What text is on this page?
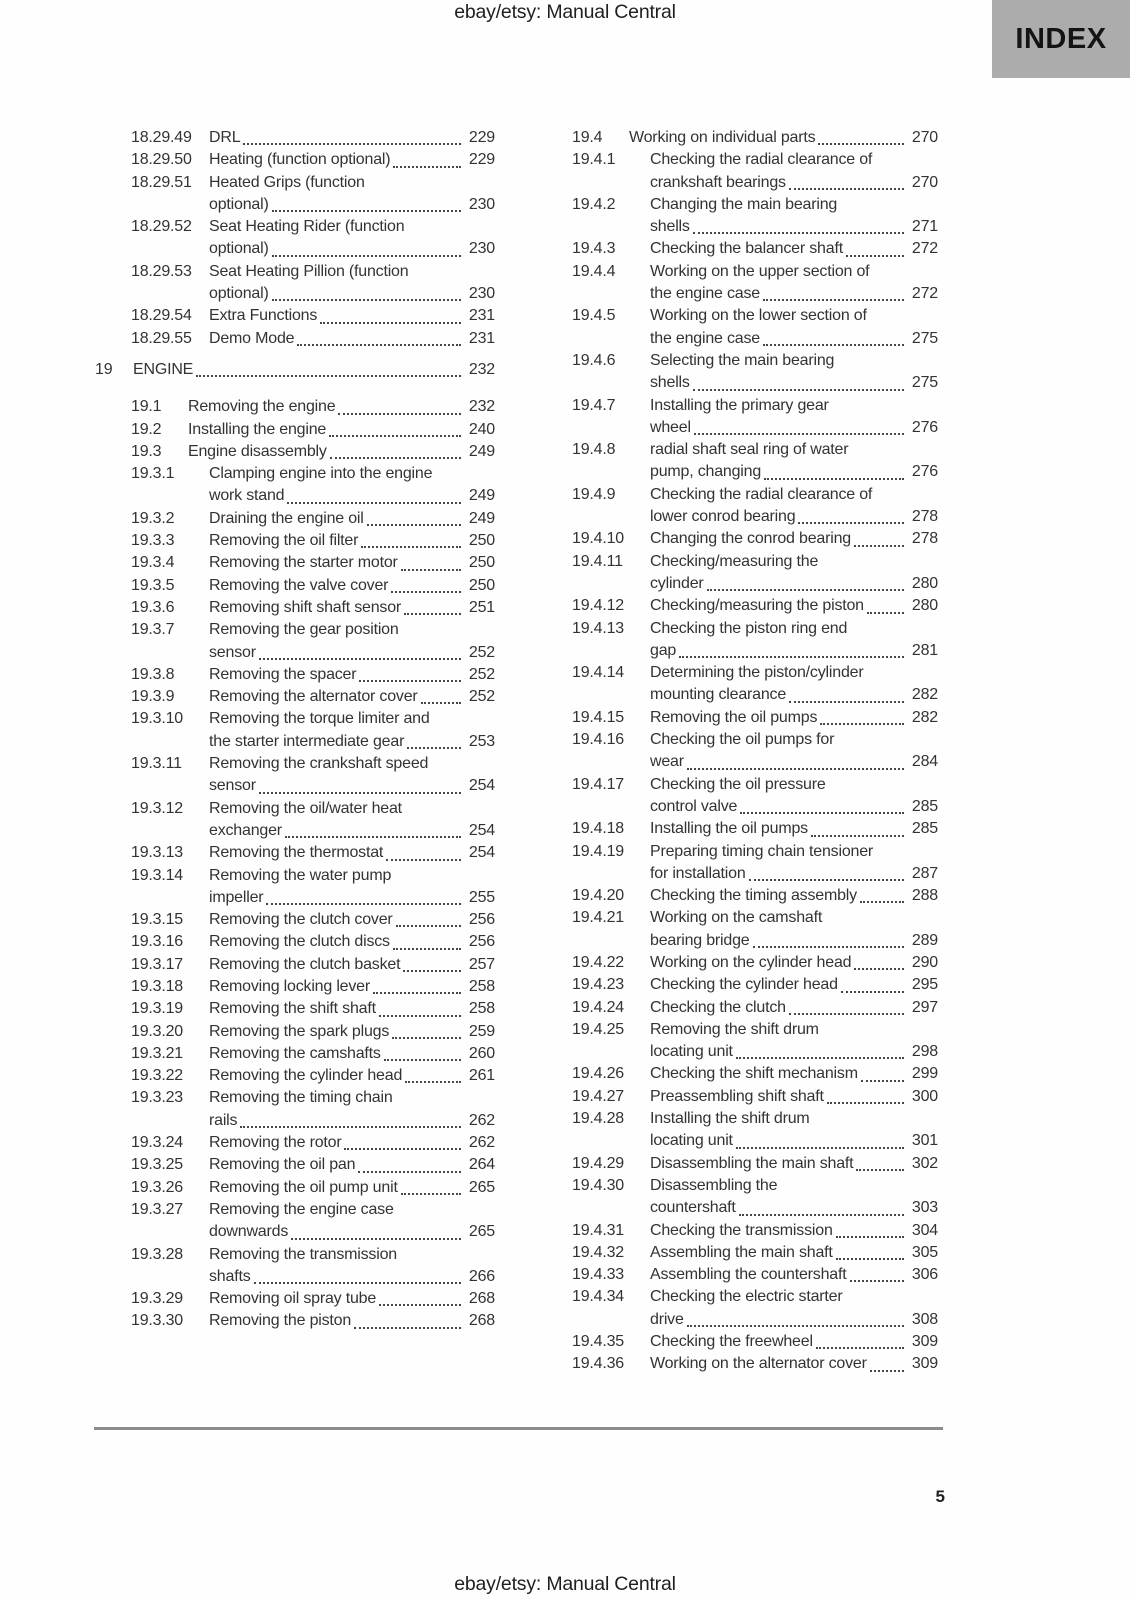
ebay/etsy: Manual Central
INDEX
18.29.49	DRL	229
18.29.50	Heating (function optional)	229
18.29.51	Heated Grips (function
optional)	230
18.29.52	Seat Heating Rider (function
optional)	230
18.29.53	Seat Heating Pillion (function
optional)	230
18.29.54	Extra Functions	231
18.29.55	Demo Mode	231
19	ENGINE	232
19.1	Removing the engine	232
19.2	Installing the engine	240
19.3	Engine disassembly	249
19.3.1	Clamping engine into the engine
work stand	249
19.3.2	Draining the engine oil	249
19.3.3	Removing the oil filter	250
19.3.4	Removing the starter motor	250
19.3.5	Removing the valve cover	250
19.3.6	Removing shift shaft sensor	251
19.3.7	Removing the gear position
sensor	252
19.3.8	Removing the spacer	252
19.3.9	Removing the alternator cover	252
19.3.10	Removing the torque limiter and
the starter intermediate gear	253
19.3.11	Removing the crankshaft speed
sensor	254
19.3.12	Removing the oil/water heat
exchanger	254
19.3.13	Removing the thermostat	254
19.3.14	Removing the water pump
impeller	255
19.3.15	Removing the clutch cover	256
19.3.16	Removing the clutch discs	256
19.3.17	Removing the clutch basket	257
19.3.18	Removing locking lever	258
19.3.19	Removing the shift shaft	258
19.3.20	Removing the spark plugs	259
19.3.21	Removing the camshafts	260
19.3.22	Removing the cylinder head	261
19.3.23	Removing the timing chain
rails	262
19.3.24	Removing the rotor	262
19.3.25	Removing the oil pan	264
19.3.26	Removing the oil pump unit	265
19.3.27	Removing the engine case
downwards	265
19.3.28	Removing the transmission
shafts	266
19.3.29	Removing oil spray tube	268
19.3.30	Removing the piston	268
19.4	Working on individual parts	270
19.4.1	Checking the radial clearance of
crankshaft bearings	270
19.4.2	Changing the main bearing
shells	271
19.4.3	Checking the balancer shaft	272
19.4.4	Working on the upper section of
the engine case	272
19.4.5	Working on the lower section of
the engine case	275
19.4.6	Selecting the main bearing
shells	275
19.4.7	Installing the primary gear
wheel	276
19.4.8	radial shaft seal ring of water
pump, changing	276
19.4.9	Checking the radial clearance of
lower conrod bearing	278
19.4.10	Changing the conrod bearing	278
19.4.11	Checking/measuring the
cylinder	280
19.4.12	Checking/measuring the piston	280
19.4.13	Checking the piston ring end
gap	281
19.4.14	Determining the piston/cylinder
mounting clearance	282
19.4.15	Removing the oil pumps	282
19.4.16	Checking the oil pumps for
wear	284
19.4.17	Checking the oil pressure
control valve	285
19.4.18	Installing the oil pumps	285
19.4.19	Preparing timing chain tensioner
for installation	287
19.4.20	Checking the timing assembly	288
19.4.21	Working on the camshaft
bearing bridge	289
19.4.22	Working on the cylinder head	290
19.4.23	Checking the cylinder head	295
19.4.24	Checking the clutch	297
19.4.25	Removing the shift drum
locating unit	298
19.4.26	Checking the shift mechanism	299
19.4.27	Preassembling shift shaft	300
19.4.28	Installing the shift drum
locating unit	301
19.4.29	Disassembling the main shaft	302
19.4.30	Disassembling the
countershaft	303
19.4.31	Checking the transmission	304
19.4.32	Assembling the main shaft	305
19.4.33	Assembling the countershaft	306
19.4.34	Checking the electric starter
drive	308
19.4.35	Checking the freewheel	309
19.4.36	Working on the alternator cover	309
5
ebay/etsy: Manual Central
